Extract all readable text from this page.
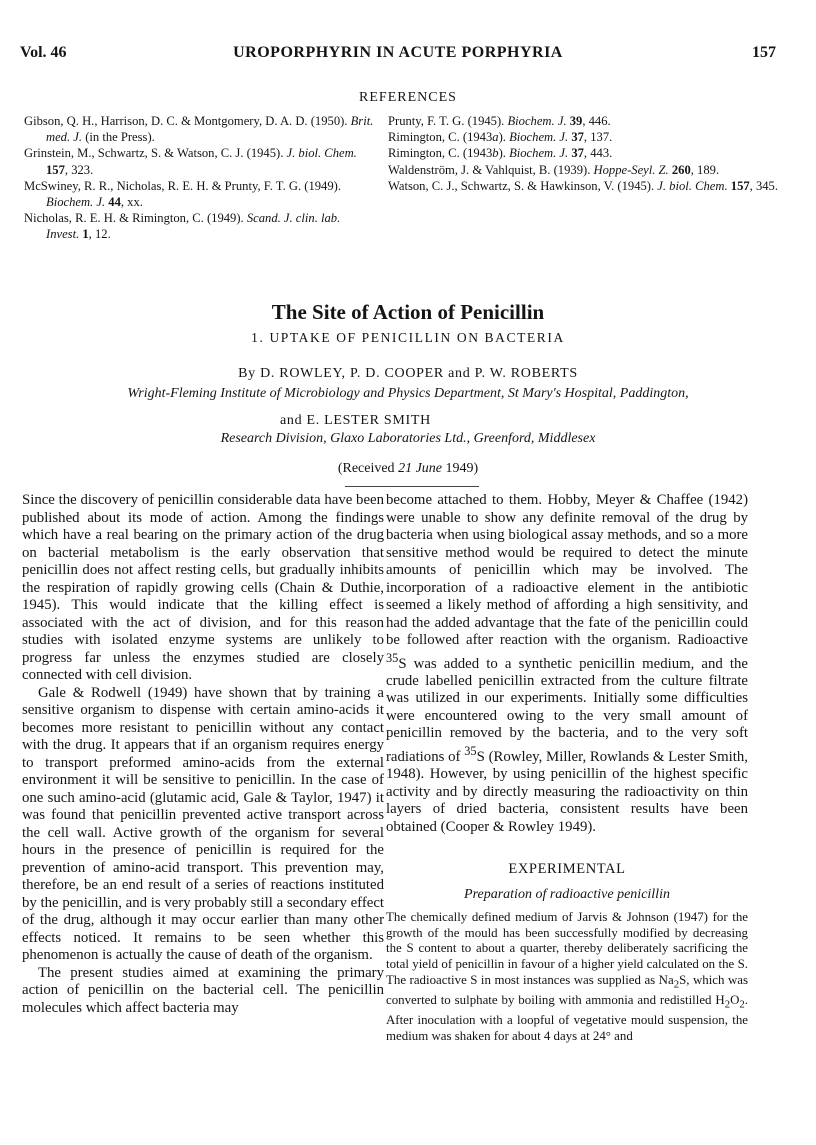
Vol. 46	UROPORPHYRIN IN ACUTE PORPHYRIA	157
REFERENCES
Gibson, Q. H., Harrison, D. C. & Montgomery, D. A. D. (1950). Brit. med. J. (in the Press).
Grinstein, M., Schwartz, S. & Watson, C. J. (1945). J. biol. Chem. 157, 323.
McSwiney, R. R., Nicholas, R. E. H. & Prunty, F. T. G. (1949). Biochem. J. 44, xx.
Nicholas, R. E. H. & Rimington, C. (1949). Scand. J. clin. lab. Invest. 1, 12.
Prunty, F. T. G. (1945). Biochem. J. 39, 446.
Rimington, C. (1943a). Biochem. J. 37, 137.
Rimington, C. (1943b). Biochem. J. 37, 443.
Waldenström, J. & Vahlquist, B. (1939). Hoppe-Seyl. Z. 260, 189.
Watson, C. J., Schwartz, S. & Hawkinson, V. (1945). J. biol. Chem. 157, 345.
The Site of Action of Penicillin
1. UPTAKE OF PENICILLIN ON BACTERIA
By D. ROWLEY, P. D. COOPER and P. W. ROBERTS
Wright-Fleming Institute of Microbiology and Physics Department, St Mary's Hospital, Paddington,
and E. LESTER SMITH
Research Division, Glaxo Laboratories Ltd., Greenford, Middlesex
(Received 21 June 1949)

Since the discovery of penicillin considerable data have been published about its mode of action. Among the findings which have a real bearing on the primary action of the drug on bacterial metabolism is the early observation that penicillin does not affect resting cells, but gradually inhibits the respiration of rapidly growing cells (Chain & Duthie, 1945). This would indicate that the killing effect is associated with the act of division, and for this reason studies with isolated enzyme systems are unlikely to progress far unless the enzymes studied are closely connected with cell division.

Gale & Rodwell (1949) have shown that by training a sensitive organism to dispense with certain amino-acids it becomes more resistant to penicillin without any contact with the drug. It appears that if an organism requires energy to transport preformed amino-acids from the external environment it will be sensitive to penicillin. In the case of one such amino-acid (glutamic acid, Gale & Taylor, 1947) it was found that penicillin prevented active transport across the cell wall. Active growth of the organism for several hours in the presence of penicillin is required for the prevention of amino-acid transport. This prevention may, therefore, be an end result of a series of reactions instituted by the penicillin, and is very probably still a secondary effect of the drug, although it may occur earlier than many other effects noticed. It remains to be seen whether this phenomenon is actually the cause of death of the organism.

The present studies aimed at examining the primary action of penicillin on the bacterial cell. The penicillin molecules which affect bacteria may

become attached to them. Hobby, Meyer & Chaffee (1942) were unable to show any definite removal of the drug by bacteria when using biological assay methods, and so a more sensitive method would be required to detect the minute amounts of penicillin which may be involved. The incorporation of a radioactive element in the antibiotic seemed a likely method of affording a high sensitivity, and had the added advantage that the fate of the penicillin could be followed after reaction with the organism. Radioactive $^{35}$S was added to a synthetic penicillin medium, and the crude labelled penicillin extracted from the culture filtrate was utilized in our experiments. Initially some difficulties were encountered owing to the very small amount of penicillin removed by the bacteria, and to the very soft radiations of $^{35}$S (Rowley, Miller, Rowlands & Lester Smith, 1948). However, by using penicillin of the highest specific activity and by directly measuring the radioactivity on thin layers of dried bacteria, consistent results have been obtained (Cooper & Rowley 1949).

EXPERIMENTAL
Preparation of radioactive penicillin

The chemically defined medium of Jarvis & Johnson (1947) for the growth of the mould has been successfully modified by decreasing the S content to about a quarter, thereby deliberately sacrificing the total yield of penicillin in favour of a higher yield calculated on the S. The radioactive S in most instances was supplied as $Na_2S$, which was converted to sulphate by boiling with ammonia and redistilled $H_2O_2$. After inoculation with a loopful of vegetative mould suspension, the medium was shaken for about 4 days at 24° and
